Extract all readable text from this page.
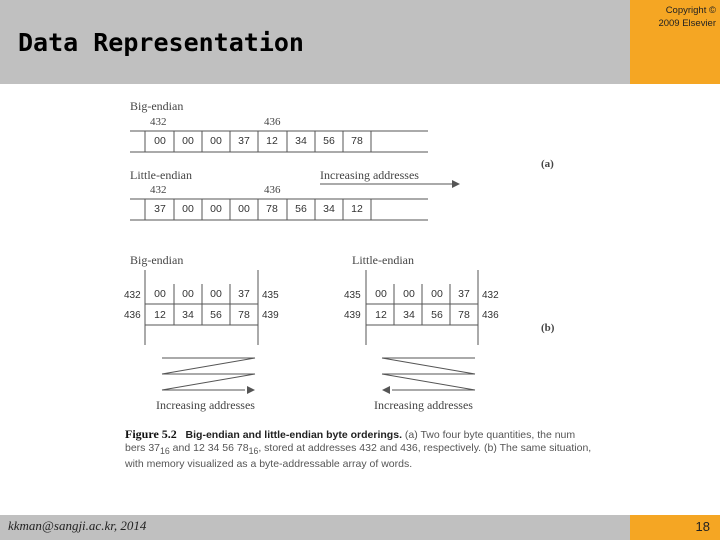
Data Representation
Copyright ©
2009 Elsevier
Big-endian
432	436
00	00	00	37	12	34	56	78
Little-endian	Increasing addresses
432	436
37	00	00	00	78	56	34	12
(a)
Big-endian
432	435
00	00	00	37
436	439
12	34	56	78
Increasing addresses
Little-endian
435	432
00	00	00	37
439	436
12	34	56	78
Increasing addresses
(b)
Figure 5.2 Big-endian and little-endian byte orderings. (a) Two four byte quantities, the num bers $37_{16}$ and 12 34 56 $78_{16}$, stored at addresses 432 and 436, respectively. (b) The same situation, with memory visualized as a byte-addressable array of words.
kkman@sangji.ac.kr, 2014	18
